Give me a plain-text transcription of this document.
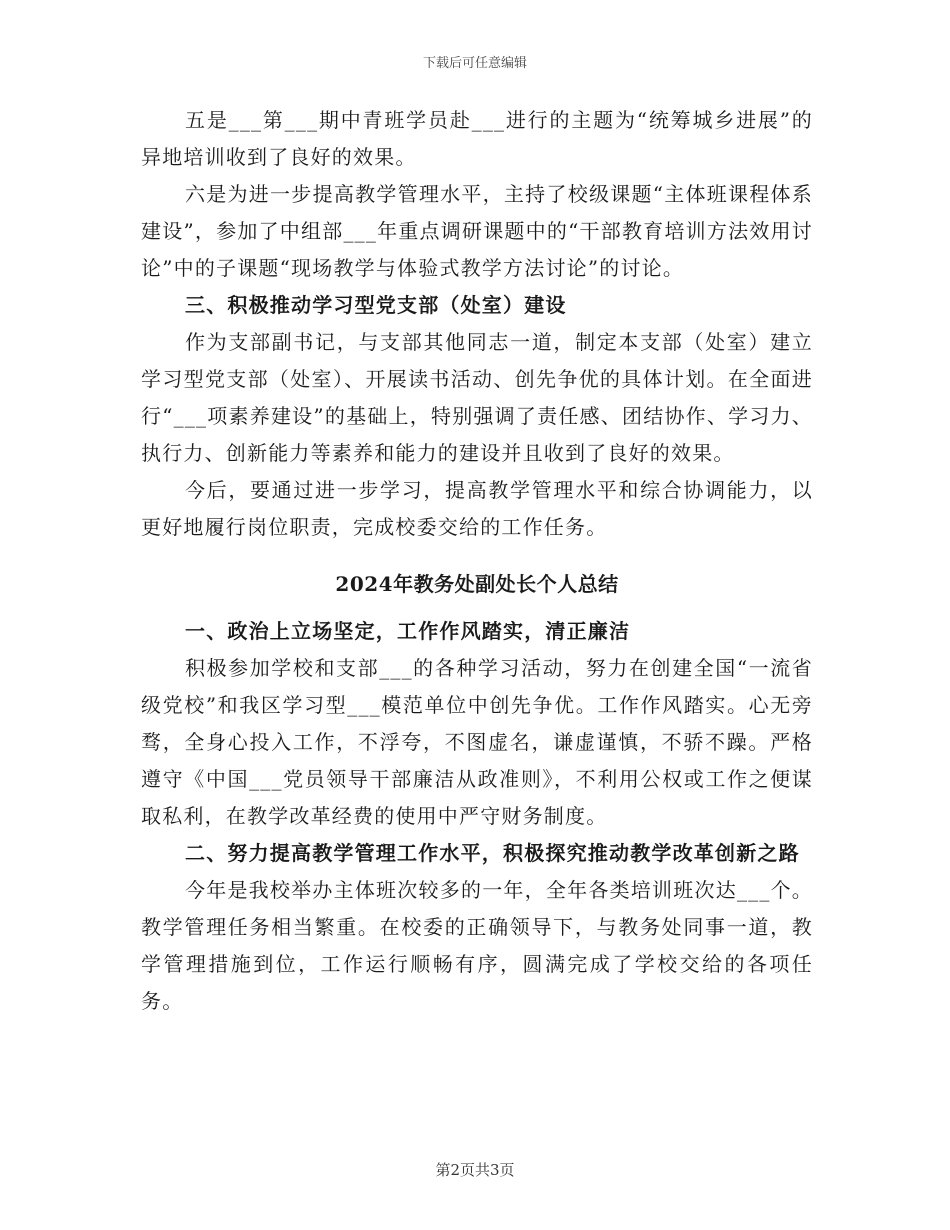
下载后可任意编辑

五是___第___期中青班学员赴___进行的主题为“统筹城乡进展”的异地培训收到了良好的效果。

六是为进一步提高教学管理水平，主持了校级课题“主体班课程体系建设”，参加了中组部___年重点调研课题中的“干部教育培训方法效用讨论”中的子课题“现场教学与体验式教学方法讨论”的讨论。

三、积极推动学习型党支部（处室）建设

作为支部副书记，与支部其他同志一道，制定本支部（处室）建立学习型党支部（处室）、开展读书活动、创先争优的具体计划。在全面进行“___项素养建设”的基础上，特别强调了责任感、团结协作、学习力、执行力、创新能力等素养和能力的建设并且收到了良好的效果。

今后，要通过进一步学习，提高教学管理水平和综合协调能力，以更好地履行岗位职责，完成校委交给的工作任务。

2024年教务处副处长个人总结

一、政治上立场坚定，工作作风踏实，清正廉洁

积极参加学校和支部___的各种学习活动，努力在创建全国“一流省级党校”和我区学习型___模范单位中创先争优。工作作风踏实。心无旁骛，全身心投入工作，不浮夸，不图虚名，谦虚谨慎，不骄不躁。严格遵守《中国___党员领导干部廉洁从政准则》，不利用公权或工作之便谋取私利，在教学改革经费的使用中严守财务制度。

二、努力提高教学管理工作水平，积极探究推动教学改革创新之路

今年是我校举办主体班次较多的一年，全年各类培训班次达___个。教学管理任务相当繁重。在校委的正确领导下，与教务处同事一道，教学管理措施到位，工作运行顺畅有序，圆满完成了学校交给的各项任务。

第2页共3页
